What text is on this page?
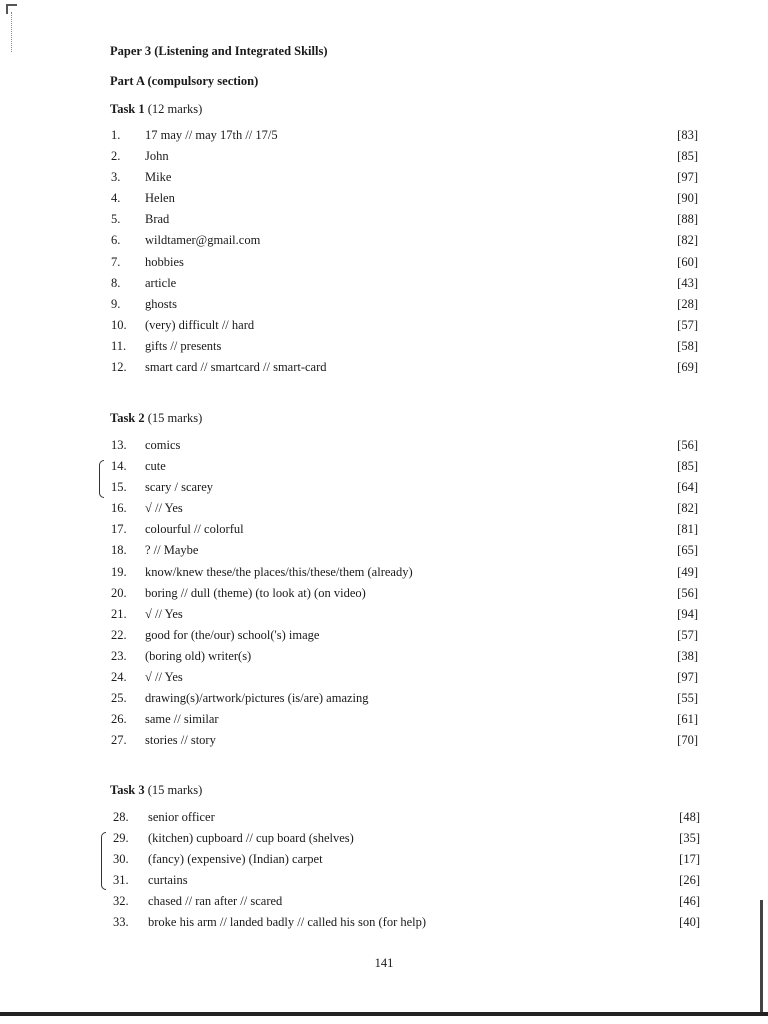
Paper 3 (Listening and Integrated Skills)
Part A (compulsory section)
Task 1 (12 marks)
1. 17 may // may 17th // 17/5	[83]
2. John	[85]
3. Mike	[97]
4. Helen	[90]
5. Brad	[88]
6. wildtamer@gmail.com	[82]
7. hobbies	[60]
8. article	[43]
9. ghosts	[28]
10. (very) difficult // hard	[57]
11. gifts // presents	[58]
12. smart card // smartcard // smart-card	[69]
Task 2 (15 marks)
13. comics	[56]
14. cute	[85]
15. scary / scarey	[64]
16. √ // Yes	[82]
17. colourful // colorful	[81]
18. ? // Maybe	[65]
19. know/knew these/the places/this/these/them (already)	[49]
20. boring // dull (theme) (to look at) (on video)	[56]
21. √ // Yes	[94]
22. good for (the/our) school('s) image	[57]
23. (boring old) writer(s)	[38]
24. √ // Yes	[97]
25. drawing(s)/artwork/pictures (is/are) amazing	[55]
26. same // similar	[61]
27. stories // story	[70]
Task 3 (15 marks)
28. senior officer	[48]
29. (kitchen) cupboard // cup board (shelves)	[35]
30. (fancy) (expensive) (Indian) carpet	[17]
31. curtains	[26]
32. chased // ran after // scared	[46]
33. broke his arm // landed badly // called his son (for help)	[40]
141
